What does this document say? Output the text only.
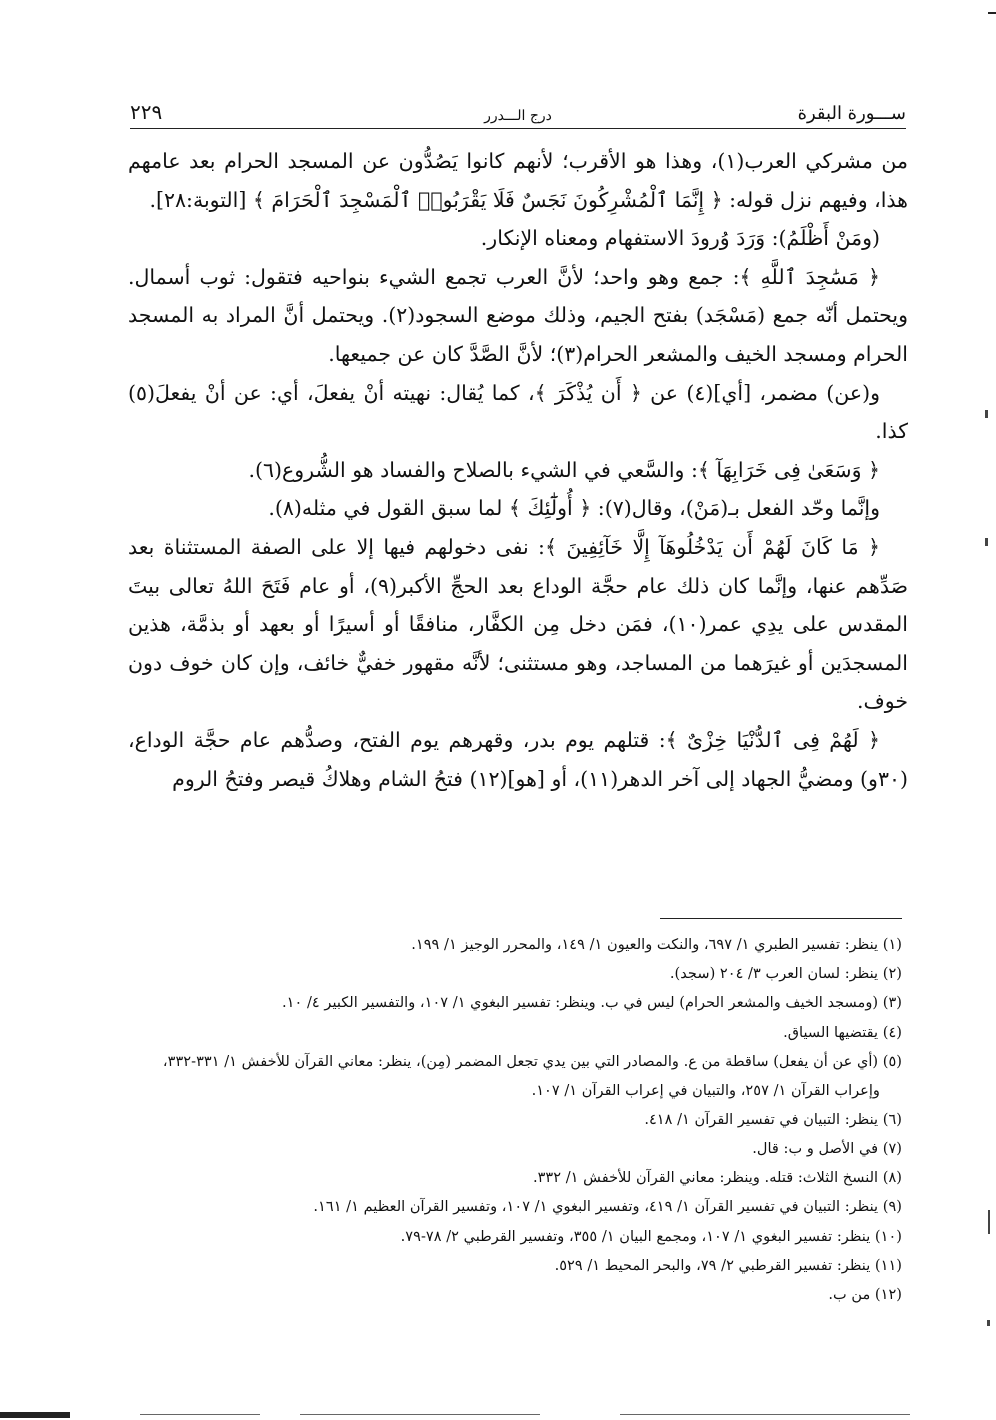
٢٢٩	درج الـــدرر	ســـورة البقرة

من مشركي العرب(١)، وهذا هو الأقرب؛ لأنهم كانوا يَصُدُّون عن المسجد الحرام بعد عامهم هذا، وفيهم نزل قوله: ﴿ إِنَّمَا ٱلْمُشْرِكُونَ نَجَسٌ فَلَا يَقْرَبُوا۟ ٱلْمَسْجِدَ ٱلْحَرَامَ ﴾ [التوبة:٢٨].

(ومَنْ أَظْلَمُ): وَرَدَ وُرودَ الاستفهام ومعناه الإنكار.

﴿ مَسَٰجِدَ ٱللَّهِ ﴾: جمع وهو واحد؛ لأنَّ العرب تجمع الشيء بنواحيه فتقول: ثوب أسمال. ويحتمل أنّه جمع (مَسْجَد) بفتح الجيم، وذلك موضع السجود(٢). ويحتمل أنَّ المراد به المسجد الحرام ومسجد الخيف والمشعر الحرام(٣)؛ لأنَّ الصَّدَّ كان عن جميعها.

و(عن) مضمر، [أي](٤) عن ﴿ أَن يُذْكَرَ ﴾، كما يُقال: نهيته أنْ يفعلَ، أي: عن أنْ يفعلَ(٥) كذا.

﴿ وَسَعَىٰ فِى خَرَابِهَآ ﴾: والسَّعي في الشيء بالصلاح والفساد هو الشُّروع(٦).

وإنَّما وحّد الفعل بـ(مَنْ)، وقال(٧): ﴿ أُولَٰٓئِكَ ﴾ لما سبق القول في مثله(٨).

﴿ مَا كَانَ لَهُمْ أَن يَدْخُلُوهَآ إِلَّا خَآئِفِينَ ﴾: نفى دخولهم فيها إلا على الصفة المستثناة بعد صَدِّهم عنها، وإنَّما كان ذلك عام حجَّة الوداع بعد الحجِّ الأكبر(٩)، أو عام فَتَحَ اللهُ تعالى بيتَ المقدس على يدِي عمر(١٠)، فمَن دخل مِن الكفَّار، منافقًا أو أسيرًا أو بعهد أو بذمَّة، هذين المسجدَين أو غيرَهما من المساجد، وهو مستثنى؛ لأنَّه مقهور خفيٌّ خائف، وإن كان خوف دون خوف.

﴿ لَهُمْ فِى ٱلدُّنْيَا خِزْىٌ ﴾: قتلهم يوم بدر، وقهرهم يوم الفتح، وصدُّهم عام حجَّة الوداع، (٣٠و) ومضيُّ الجهاد إلى آخر الدهر(١١)، أو [هو](١٢) فتحُ الشام وهلاكُ قيصر وفتحُ الروم

(١) ينظر: تفسير الطبري ١/ ٦٩٧، والنكت والعيون ١/ ١٤٩، والمحرر الوجيز ١/ ١٩٩.

(٢) ينظر: لسان العرب ٣/ ٢٠٤ (سجد).

(٣) (ومسجد الخيف والمشعر الحرام) ليس في ب. وينظر: تفسير البغوي ١/ ١٠٧، والتفسير الكبير ٤/ ١٠.

(٤) يقتضيها السياق.

(٥) (أي عن أن يفعل) ساقطة من ع. والمصادر التي بين يدي تجعل المضمر (مِن)، ينظر: معاني القرآن للأخفش ١/ ٣٣١-٣٣٢، وإعراب القرآن ١/ ٢٥٧، والتبيان في إعراب القرآن ١/ ١٠٧.

(٦) ينظر: التبيان في تفسير القرآن ١/ ٤١٨.

(٧) في الأصل و ب: قال.

(٨) النسخ الثلاث: قتله. وينظر: معاني القرآن للأخفش ١/ ٣٣٢.

(٩) ينظر: التبيان في تفسير القرآن ١/ ٤١٩، وتفسير البغوي ١/ ١٠٧، وتفسير القرآن العظيم ١/ ١٦١.

(١٠) ينظر: تفسير البغوي ١/ ١٠٧، ومجمع البيان ١/ ٣٥٥، وتفسير القرطبي ٢/ ٧٨-٧٩.

(١١) ينظر: تفسير القرطبي ٢/ ٧٩، والبحر المحيط ١/ ٥٢٩.

(١٢) من ب.
